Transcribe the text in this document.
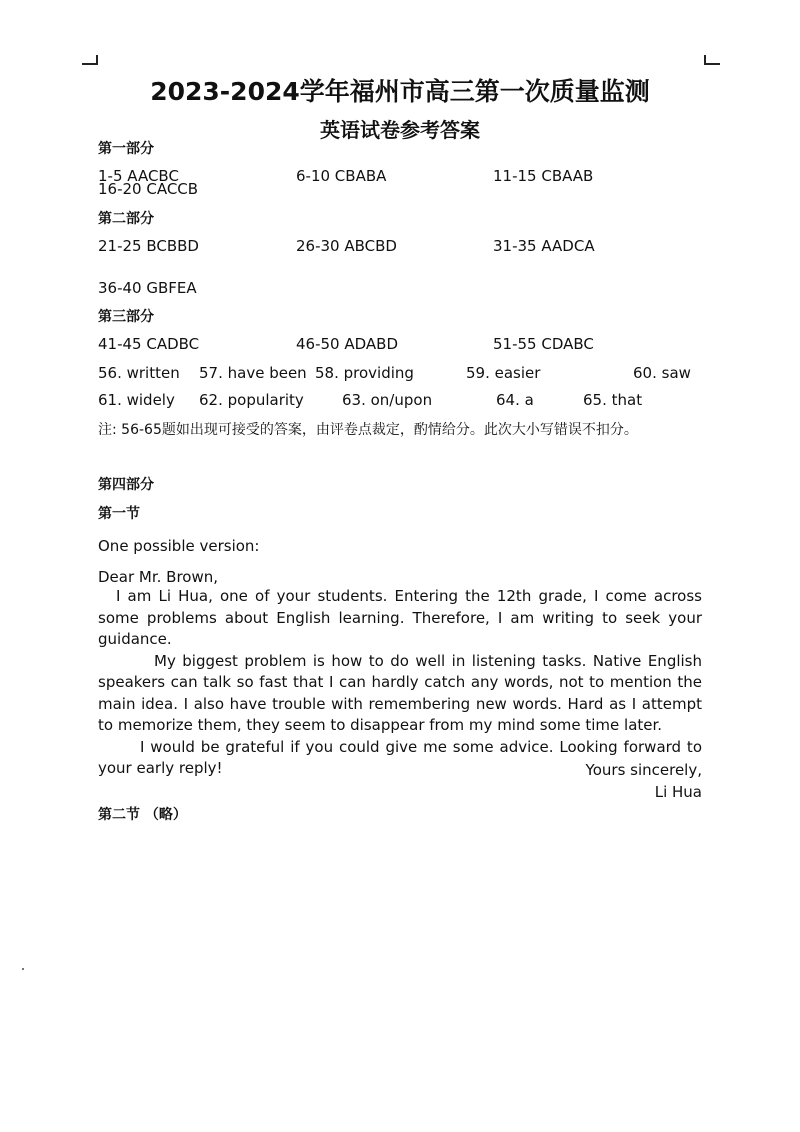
2023-2024学年福州市高三第一次质量监测
英语试卷参考答案
第一部分
1-5 AACBC	6-10 CBABA	11-15 CBAAB
16-20 CACCB
第二部分
21-25 BCBBD	26-30 ABCBD	31-35 AADCA
36-40 GBFEA
第三部分
41-45 CADBC	46-50 ADABD	51-55 CDABC
56. written 57. have been 58. providing	59. easier	60. saw
61. widely 62. popularity	63. on/upon	64. a	65. that
注: 56-65题如出现可接受的答案，由评卷点裁定，酌情给分。此次大小写错误不扣分。
第四部分
第一节
One possible version:
Dear Mr. Brown,

I am Li Hua, one of your students. Entering the 12th grade, I come across some problems about English learning. Therefore, I am writing to seek your guidance.

My biggest problem is how to do well in listening tasks. Native English speakers can talk so fast that I can hardly catch any words, not to mention the main idea. I also have trouble with remembering new words. Hard as I attempt to memorize them, they seem to disappear from my mind some time later.

I would be grateful if you could give me some advice. Looking forward to your early reply!	Yours sincerely,
Li Hua
第二节 （略）
